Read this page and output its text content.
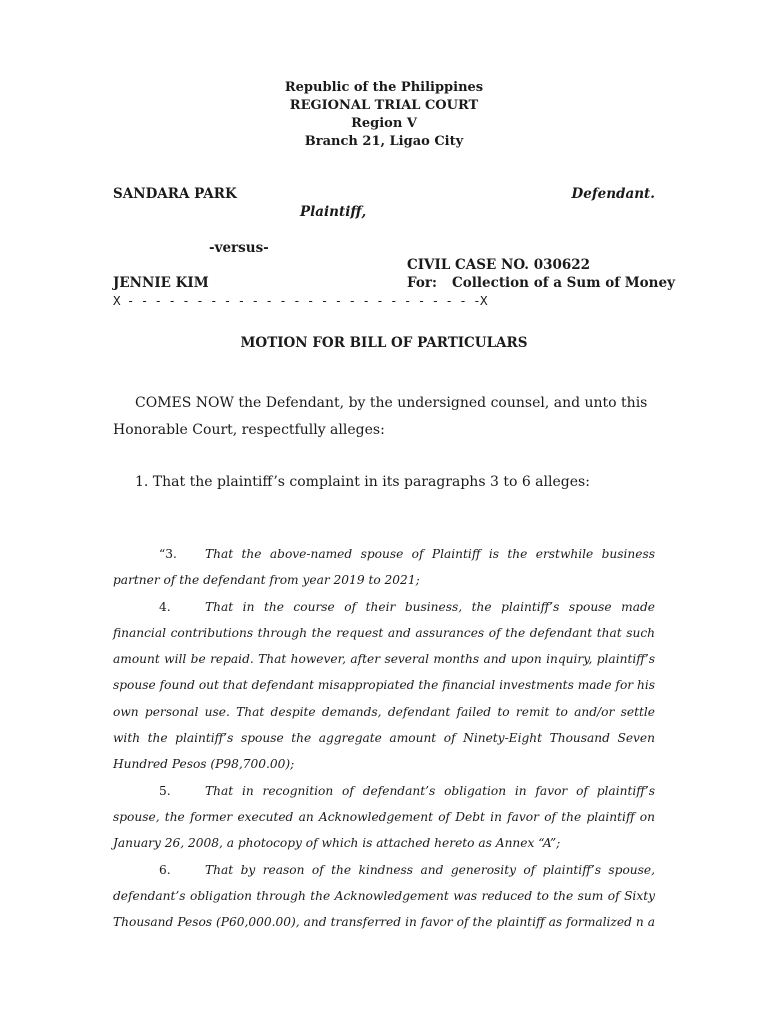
Republic of the Philippines
REGIONAL TRIAL COURT
Region V
Branch 21, Ligao City
SANDARA PARK	Defendant.
Plaintiff,
-versus-
CIVIL CASE NO. 030622
JENNIE KIM	For: Collection of a Sum of Money
X - - - - - - - - - - - - - - - - - - - - - - - - - -X
MOTION FOR BILL OF PARTICULARS
COMES NOW the Defendant, by the undersigned counsel, and unto this
Honorable Court, respectfully alleges:
1. That the plaintiff’s complaint in its paragraphs 3 to 6 alleges:

“3. That the above-named spouse of Plaintiff is the erstwhile business partner of the defendant from year 2019 to 2021;

4.	That in the course of their business, the plaintiff’s spouse made financial contributions through the request and assurances of the defendant that such amount will be repaid. That however, after several months and upon inquiry, plaintiff’s spouse found out that defendant misappropiated the financial investments made for his own personal use. That despite demands, defendant failed to remit to and/or settle with the plaintiff’s spouse the aggregate amount of Ninety-Eight Thousand Seven Hundred Pesos (P98,700.00);

5.	That in recognition of defendant’s obligation in favor of plaintiff’s spouse, the former executed an Acknowledgement of Debt in favor of the plaintiff on January 26, 2008, a photocopy of which is attached hereto as Annex “A”;

6.	That by reason of the kindness and generosity of plaintiff’s spouse, defendant’s obligation through the Acknowledgement was reduced to the sum of Sixty Thousand Pesos (P60,000.00), and transferred in favor of the plaintiff as formalized n a
